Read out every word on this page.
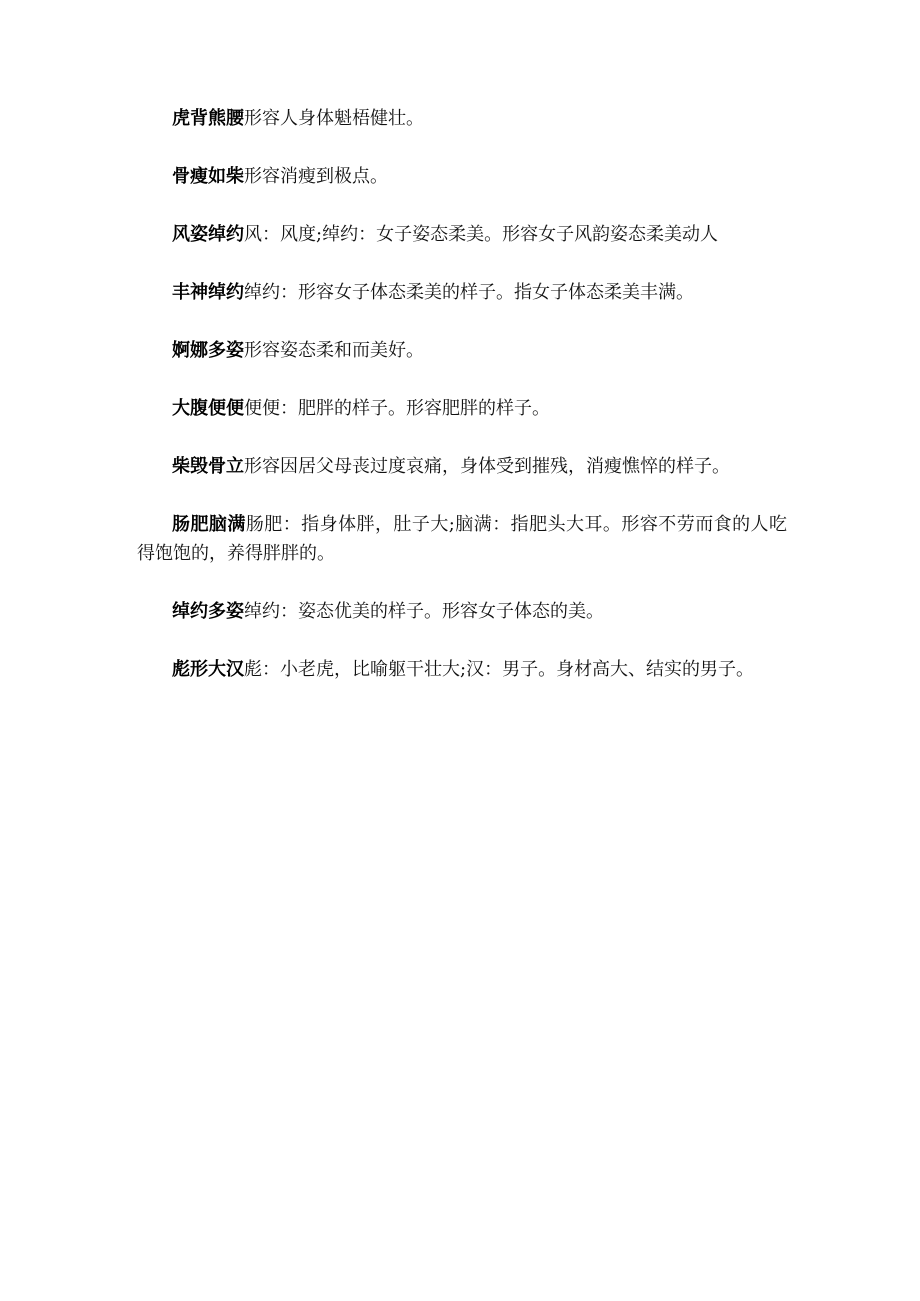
虎背熊腰形容人身体魁梧健壮。

骨瘦如柴形容消瘦到极点。

风姿绰约风：风度;绰约：女子姿态柔美。形容女子风韵姿态柔美动人

丰神绰约绰约：形容女子体态柔美的样子。指女子体态柔美丰满。

婀娜多姿形容姿态柔和而美好。

大腹便便便便：肥胖的样子。形容肥胖的样子。

柴毁骨立形容因居父母丧过度哀痛，身体受到摧残，消瘦憔悴的样子。

肠肥脑满肠肥：指身体胖，肚子大;脑满：指肥头大耳。形容不劳而食的人吃得饱饱的，养得胖胖的。

绰约多姿绰约：姿态优美的样子。形容女子体态的美。

彪形大汉彪：小老虎，比喻躯干壮大;汉：男子。身材高大、结实的男子。
